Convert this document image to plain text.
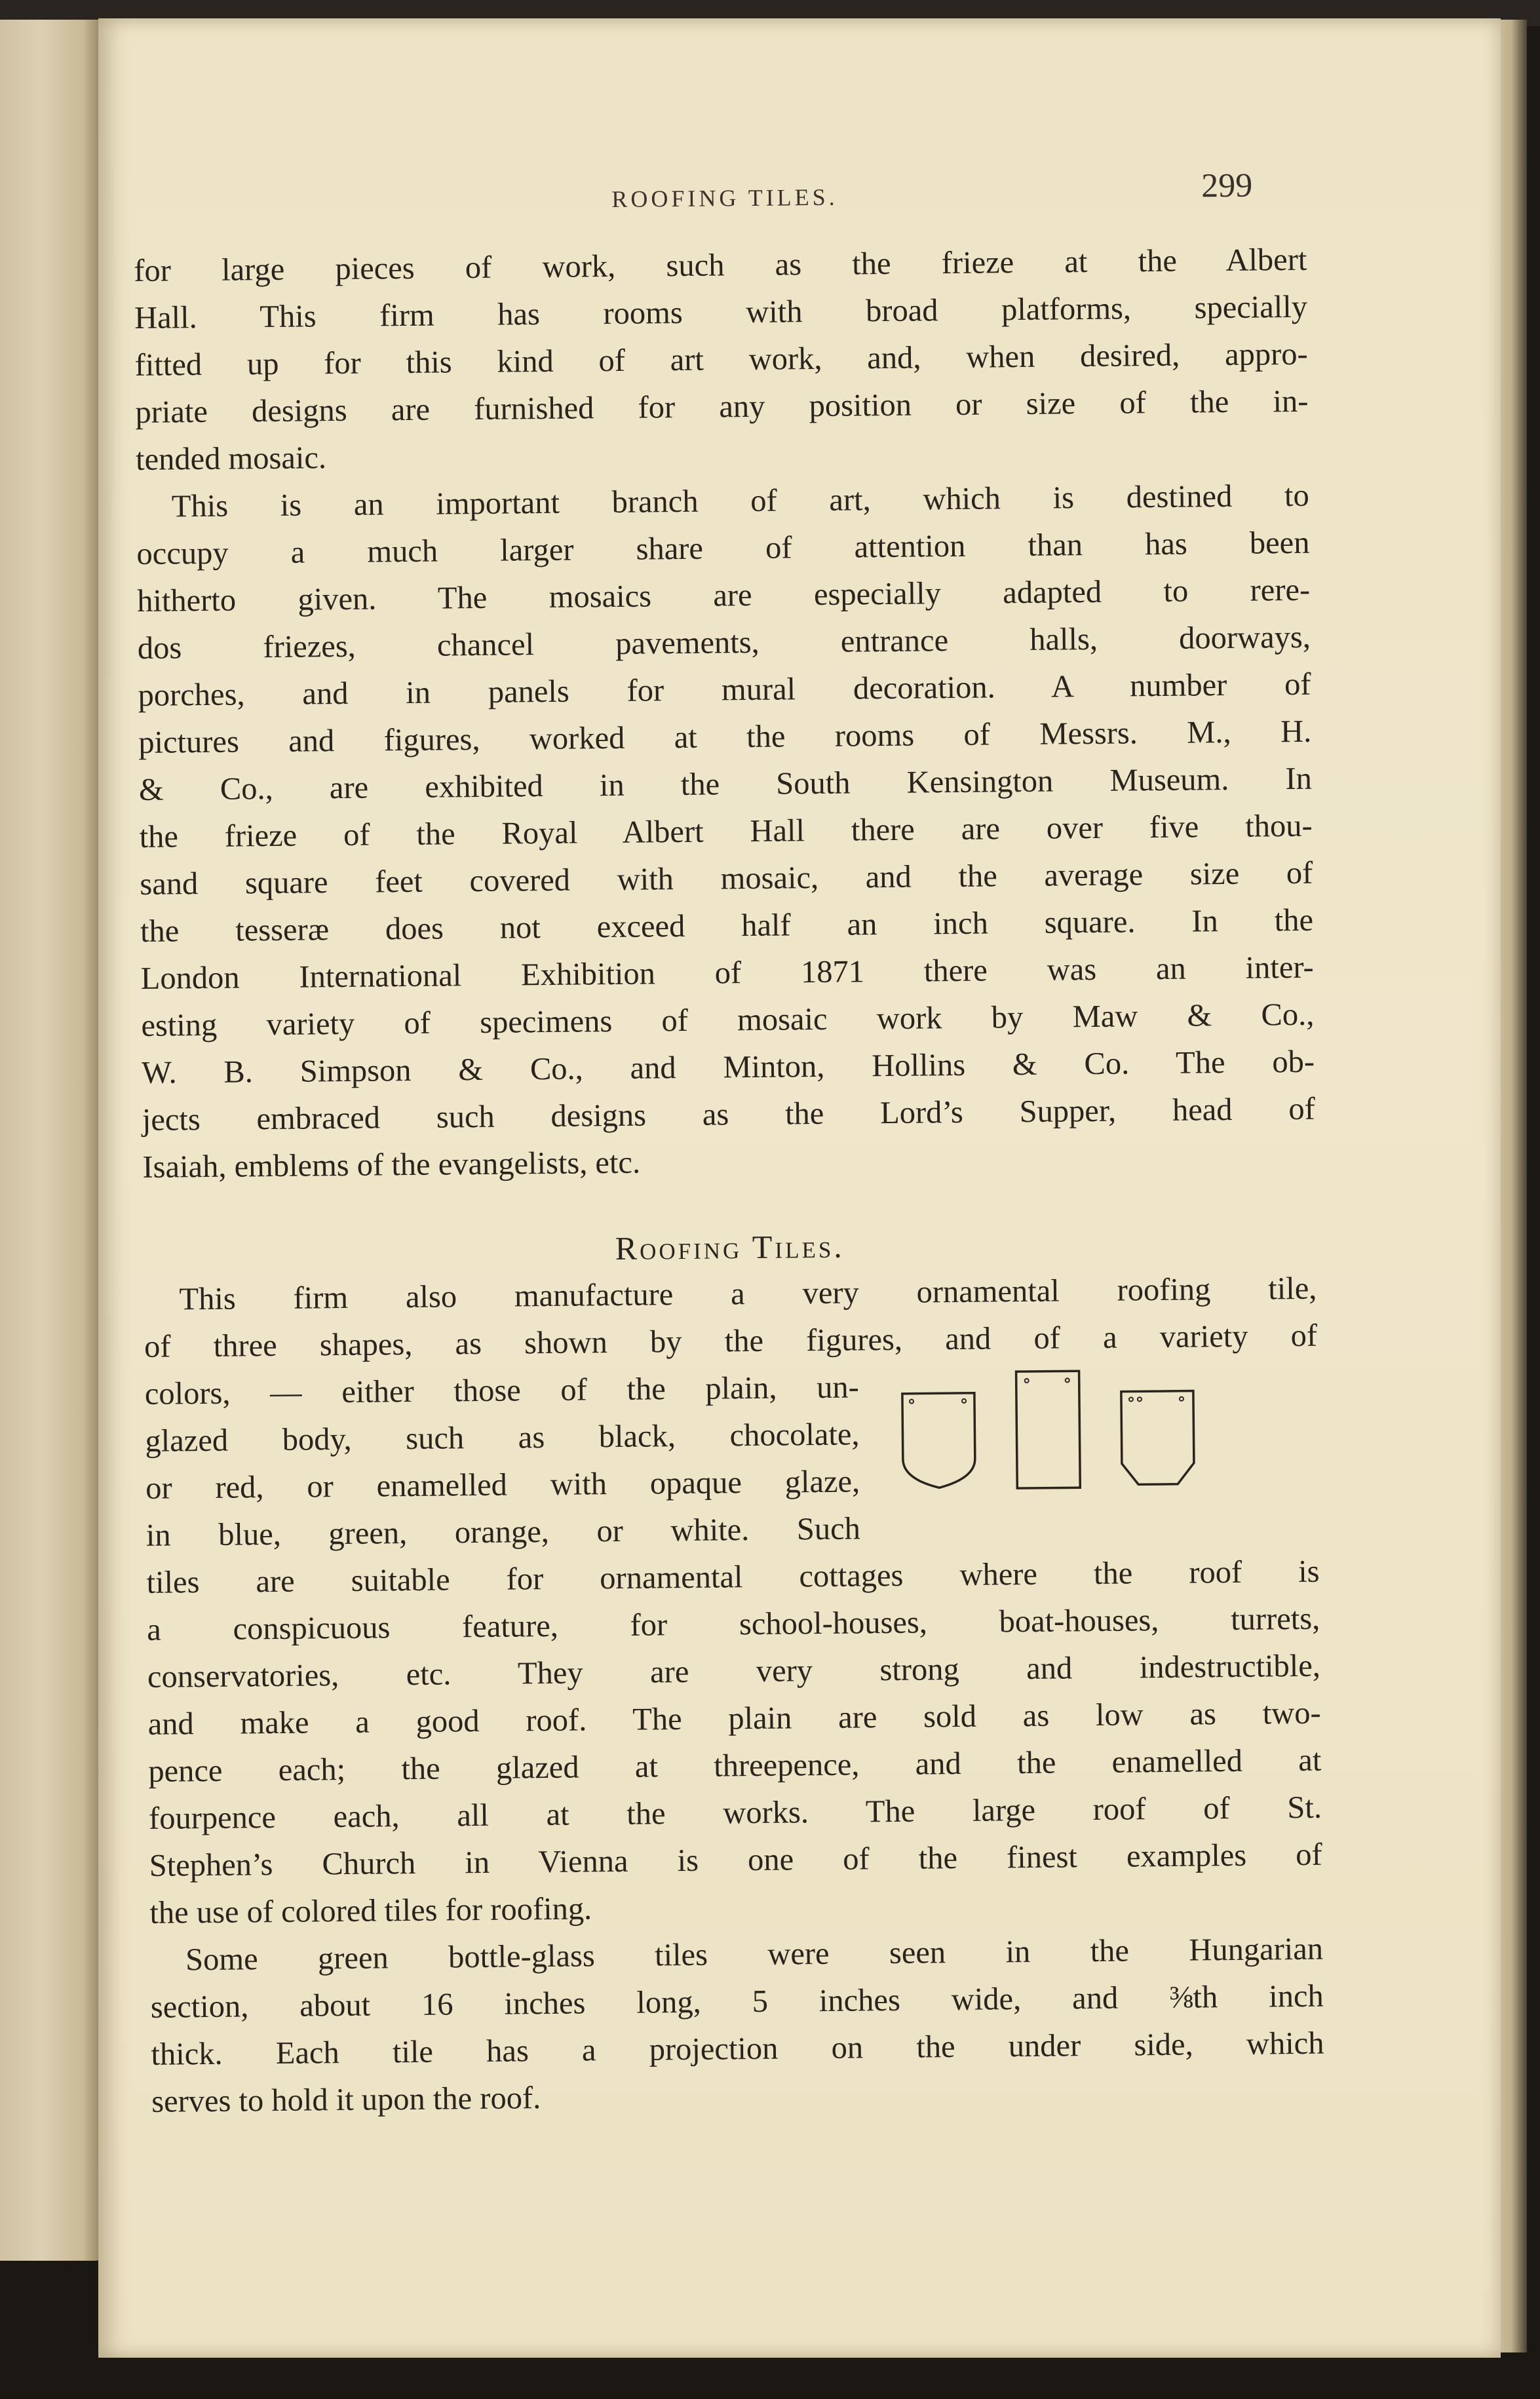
ROOFING TILES.	299

for large pieces of work, such as the frieze at the Albert

Hall. This firm has rooms with broad platforms, specially

fitted up for this kind of art work, and, when desired, appro-

priate designs are furnished for any position or size of the in-

tended mosaic.

This is an important branch of art, which is destined to

occupy a much larger share of attention than has been

hitherto given. The mosaics are especially adapted to rere-

dos friezes, chancel pavements, entrance halls, doorways,

porches, and in panels for mural decoration. A number of

pictures and figures, worked at the rooms of Messrs. M., H.

& Co., are exhibited in the South Kensington Museum. In

the frieze of the Royal Albert Hall there are over five thou-

sand square feet covered with mosaic, and the average size of

the tesseræ does not exceed half an inch square. In the

London International Exhibition of 1871 there was an inter-

esting variety of specimens of mosaic work by Maw & Co.,

W. B. Simpson & Co., and Minton, Hollins & Co. The ob-

jects embraced such designs as the Lord’s Supper, head of

Isaiah, emblems of the evangelists, etc.

Roofing Tiles.

This firm also manufacture a very ornamental roofing tile,

of three shapes, as shown by the figures, and of a variety of

colors, — either those of the plain, un-

glazed body, such as black, chocolate,

or red, or enamelled with opaque glaze,

in blue, green, orange, or white. Such

tiles are suitable for ornamental cottages where the roof is

a conspicuous feature, for school-houses, boat-houses, turrets,

conservatories, etc. They are very strong and indestructible,

and make a good roof. The plain are sold as low as two-

pence each; the glazed at threepence, and the enamelled at

fourpence each, all at the works. The large roof of St.

Stephen’s Church in Vienna is one of the finest examples of

the use of colored tiles for roofing.

Some green bottle-glass tiles were seen in the Hungarian

section, about 16 inches long, 5 inches wide, and ⅜th inch

thick. Each tile has a projection on the under side, which

serves to hold it upon the roof.
